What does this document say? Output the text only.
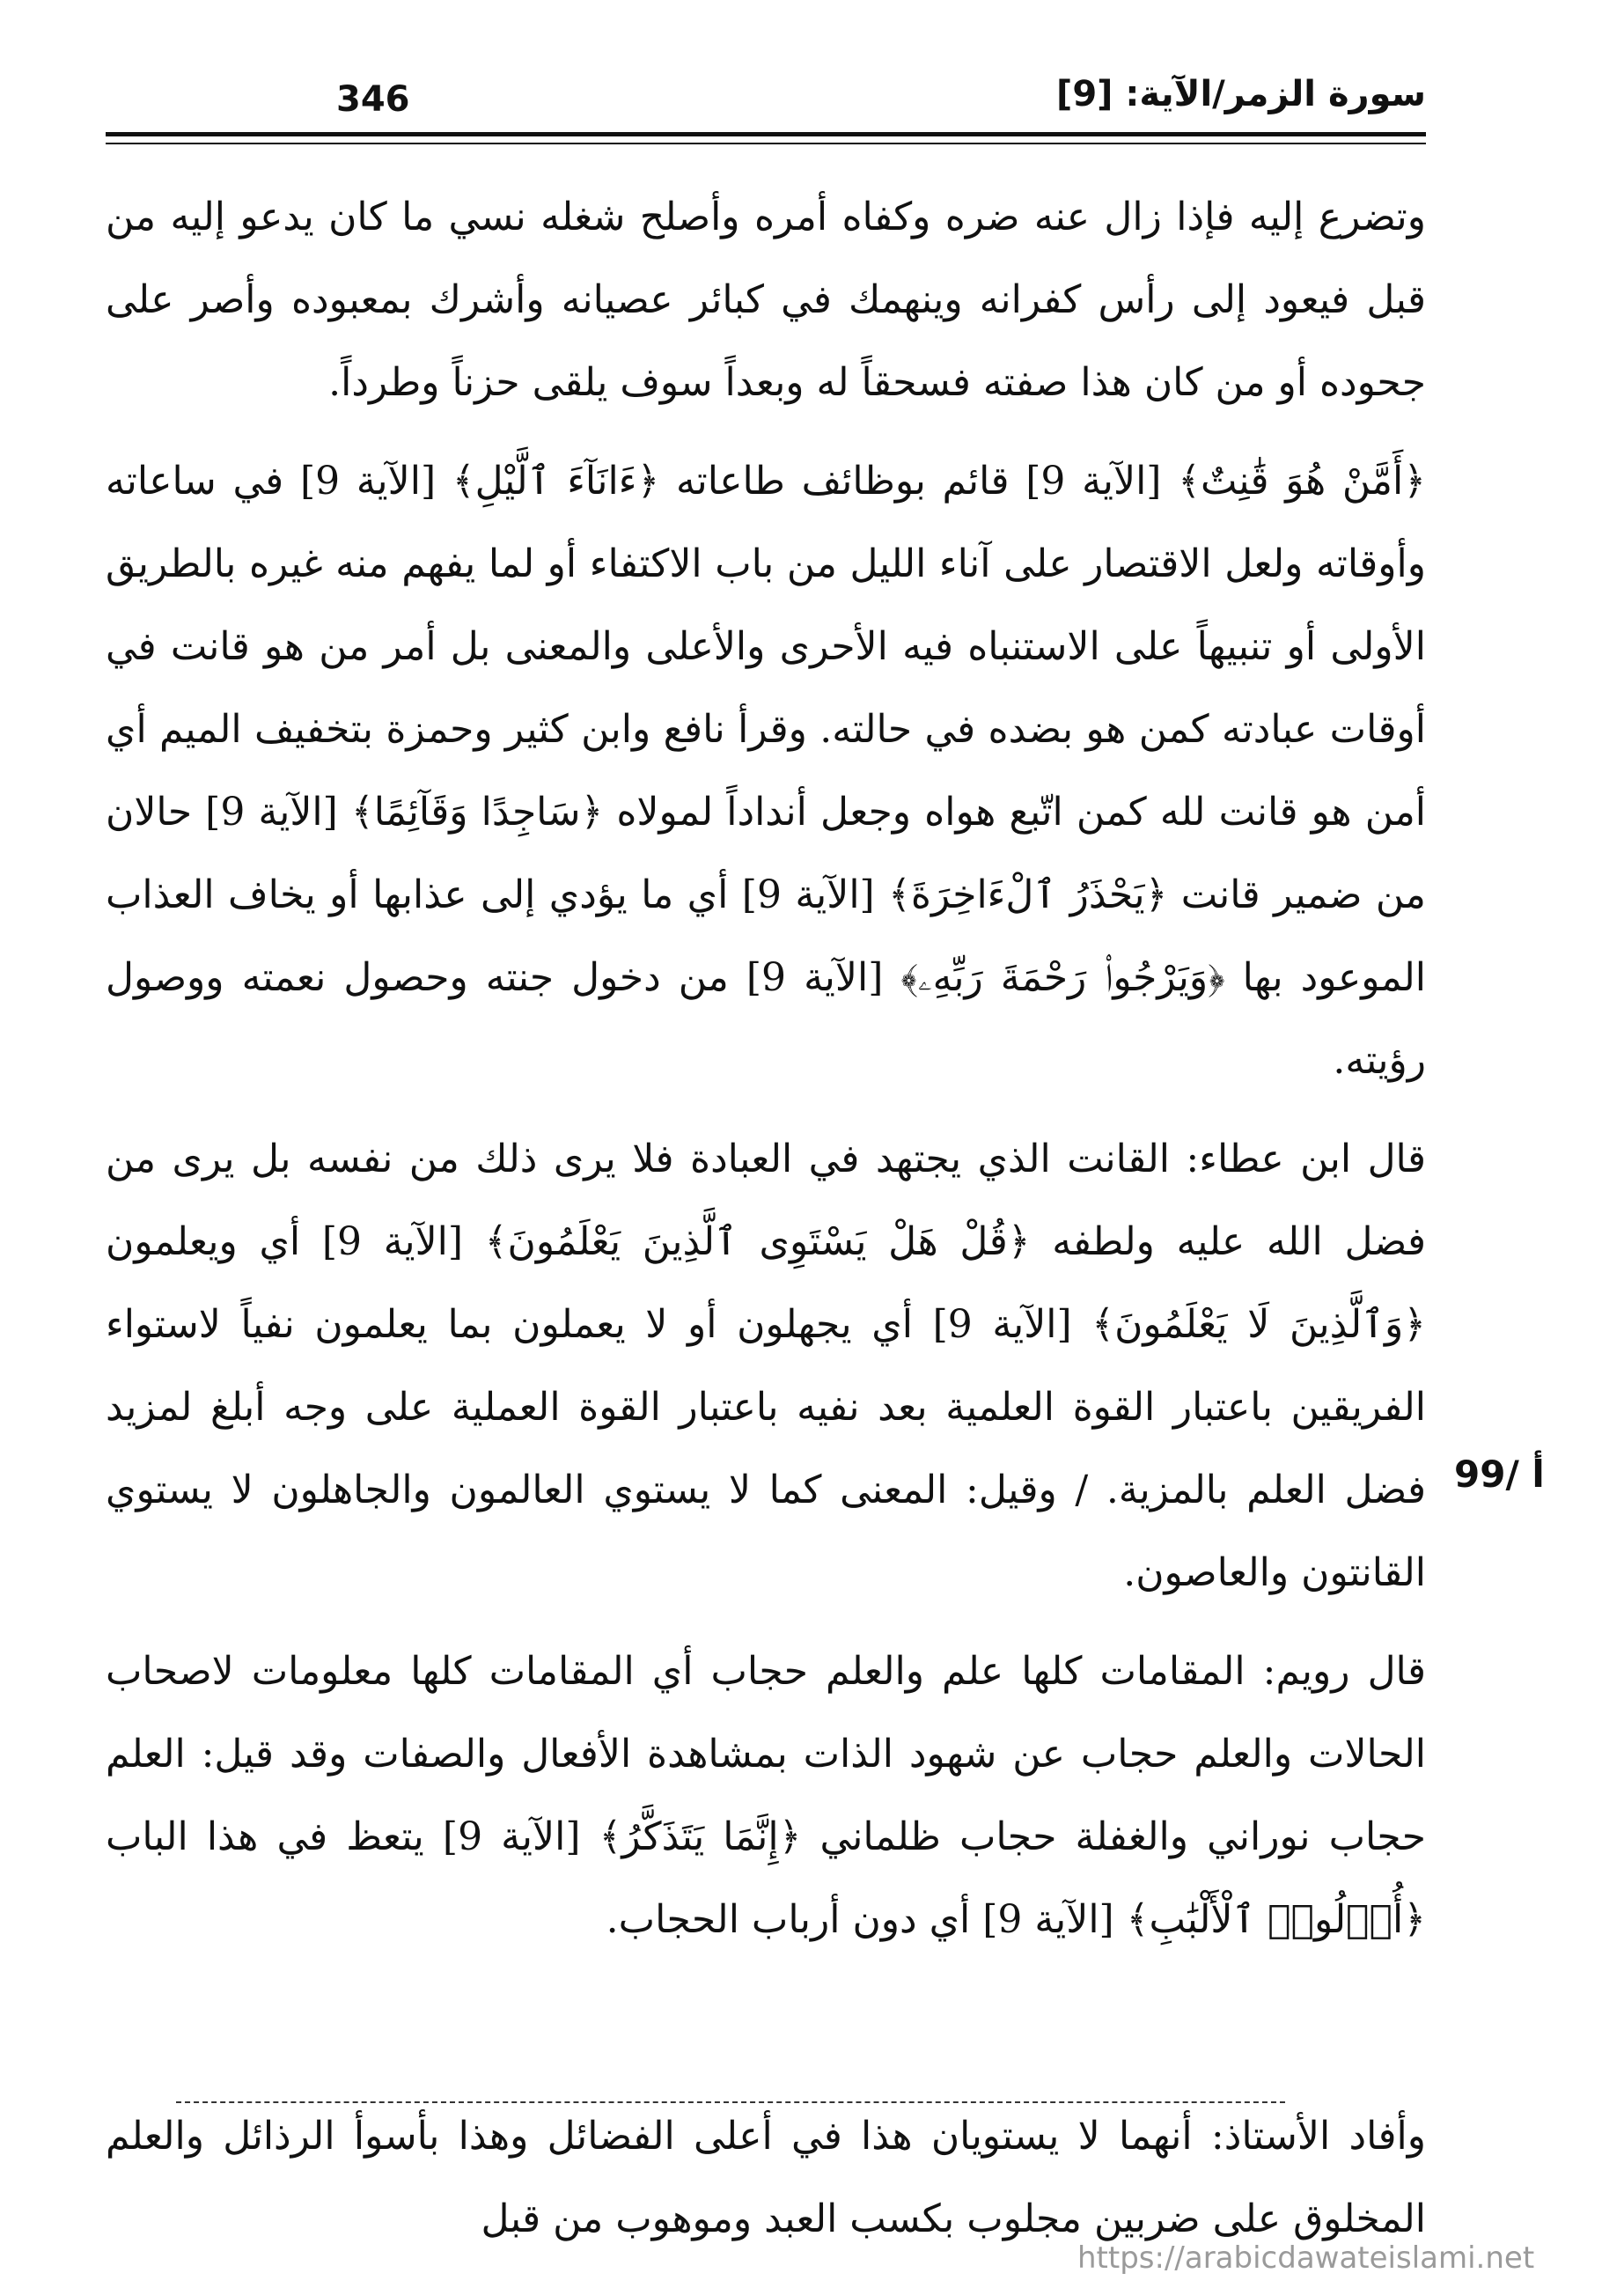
346	سورة الزمر/الآية: [9]

وتضرع إليه فإذا زال عنه ضره وكفاه أمره وأصلح شغله نسي ما كان يدعو إليه من قبل فيعود إلى رأس كفرانه وينهمك في كبائر عصيانه وأشرك بمعبوده وأصر على جحوده أو من كان هذا صفته فسحقاً له وبعداً سوف يلقى حزناً وطرداً.

﴿أَمَّنْ هُوَ قَٰنِتٌ﴾ [الآية 9] قائم بوظائف طاعاته ﴿ءَانَآءَ ٱلَّيْلِ﴾ [الآية 9] في ساعاته وأوقاته ولعل الاقتصار على آناء الليل من باب الاكتفاء أو لما يفهم منه غيره بالطريق الأولى أو تنبيهاً على الاستنباه فيه الأحرى والأعلى والمعنى بل أمر من هو قانت في أوقات عبادته كمن هو بضده في حالته. وقرأ نافع وابن كثير وحمزة بتخفيف الميم أي أمن هو قانت لله كمن اتّبع هواه وجعل أنداداً لمولاه ﴿سَاجِدًا وَقَآئِمًا﴾ [الآية 9] حالان من ضمير قانت ﴿يَحْذَرُ ٱلْءَاخِرَةَ﴾ [الآية 9] أي ما يؤدي إلى عذابها أو يخاف العذاب الموعود بها ﴿وَيَرْجُوا۟ رَحْمَةَ رَبِّهِۦ﴾ [الآية 9] من دخول جنته وحصول نعمته ووصول رؤيته.

قال ابن عطاء: القانت الذي يجتهد في العبادة فلا يرى ذلك من نفسه بل يرى من فضل الله عليه ولطفه ﴿قُلْ هَلْ يَسْتَوِى ٱلَّذِينَ يَعْلَمُونَ﴾ [الآية 9] أي ويعلمون ﴿وَٱلَّذِينَ لَا يَعْلَمُونَ﴾ [الآية 9] أي يجهلون أو لا يعملون بما يعلمون نفياً لاستواء الفريقين باعتبار القوة العلمية بعد نفيه باعتبار القوة العملية على وجه أبلغ لمزيد فضل العلم بالمزية. / وقيل: المعنى كما لا يستوي العالمون والجاهلون لا يستوي القانتون والعاصون.

قال رويم: المقامات كلها علم والعلم حجاب أي المقامات كلها معلومات لاصحاب الحالات والعلم حجاب عن شهود الذات بمشاهدة الأفعال والصفات وقد قيل: العلم حجاب نوراني والغفلة حجاب ظلماني ﴿إِنَّمَا يَتَذَكَّرُ﴾ [الآية 9] يتعظ في هذا الباب ﴿أُو۟لُوا۟ ٱلْأَلْبَٰبِ﴾ [الآية 9] أي دون أرباب الحجاب.

99/ أ

وأفاد الأستاذ: أنهما لا يستويان هذا في أعلى الفضائل وهذا بأسوأ الرذائل والعلم المخلوق على ضربين مجلوب بكسب العبد وموهوب من قبل

https://arabicdawateislami.net
